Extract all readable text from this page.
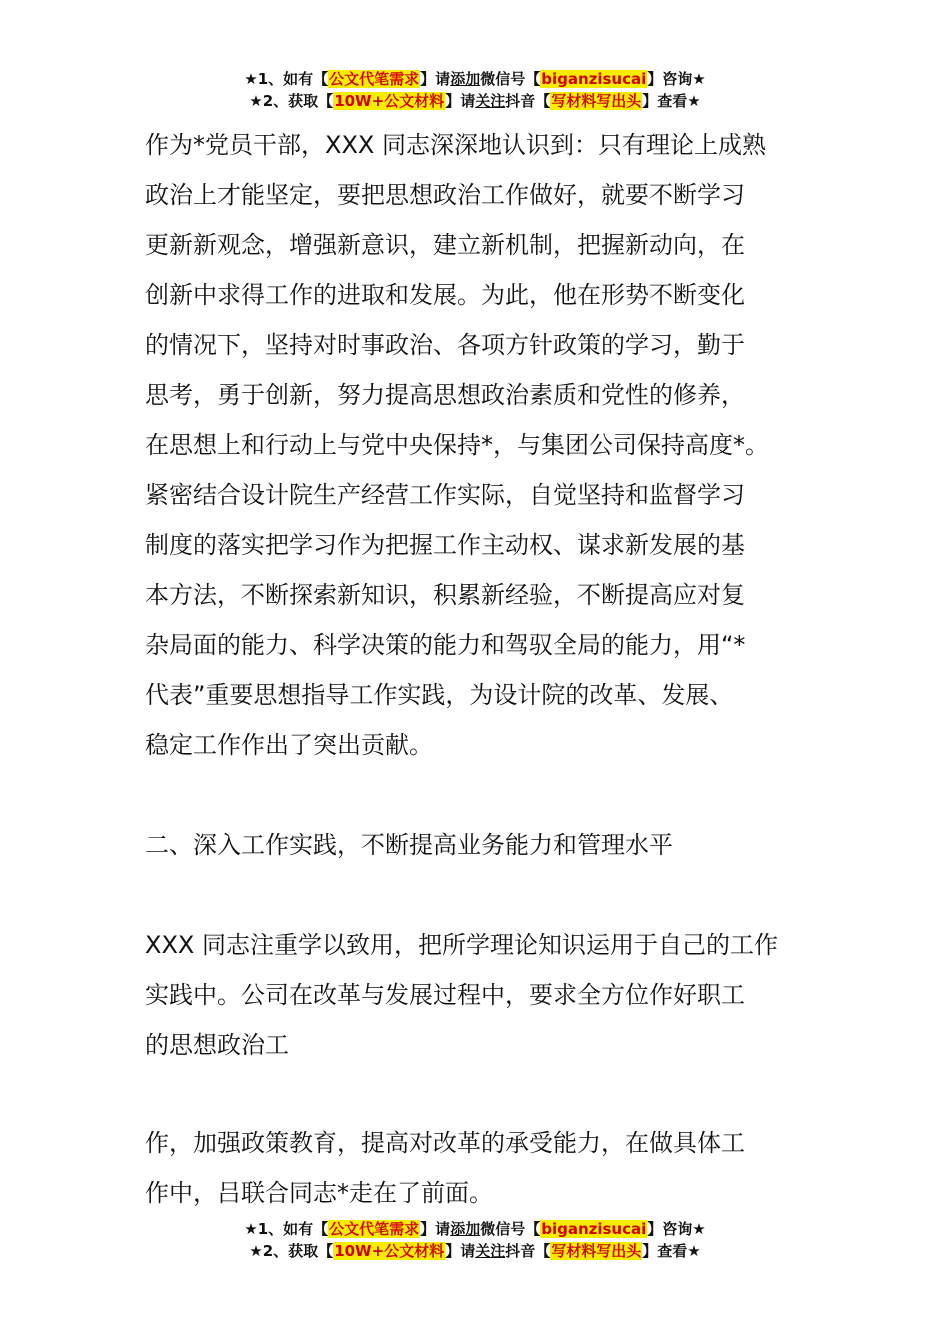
★1、如有【公文代笔需求】请添加微信号【biganzisucai】咨询★
★2、获取【10W+公文材料】请关注抖音【写材料写出头】查看★

作为*党员干部，XXX 同志深深地认识到：只有理论上成熟

政治上才能坚定，要把思想政治工作做好，就要不断学习

更新新观念，增强新意识，建立新机制，把握新动向，在

创新中求得工作的进取和发展。为此，他在形势不断变化

的情况下，坚持对时事政治、各项方针政策的学习，勤于

思考，勇于创新，努力提高思想政治素质和党性的修养，

在思想上和行动上与党中央保持*，与集团公司保持高度*。

紧密结合设计院生产经营工作实际，自觉坚持和监督学习

制度的落实把学习作为把握工作主动权、谋求新发展的基

本方法，不断探索新知识，积累新经验，不断提高应对复

杂局面的能力、科学决策的能力和驾驭全局的能力，用“*

代表”重要思想指导工作实践，为设计院的改革、发展、

稳定工作作出了突出贡献。

二、深入工作实践，不断提高业务能力和管理水平

XXX 同志注重学以致用，把所学理论知识运用于自己的工作

实践中。公司在改革与发展过程中，要求全方位作好职工

的思想政治工

作，加强政策教育，提高对改革的承受能力，在做具体工

作中，吕联合同志*走在了前面。

★1、如有【公文代笔需求】请添加微信号【biganzisucai】咨询★
★2、获取【10W+公文材料】请关注抖音【写材料写出头】查看★
